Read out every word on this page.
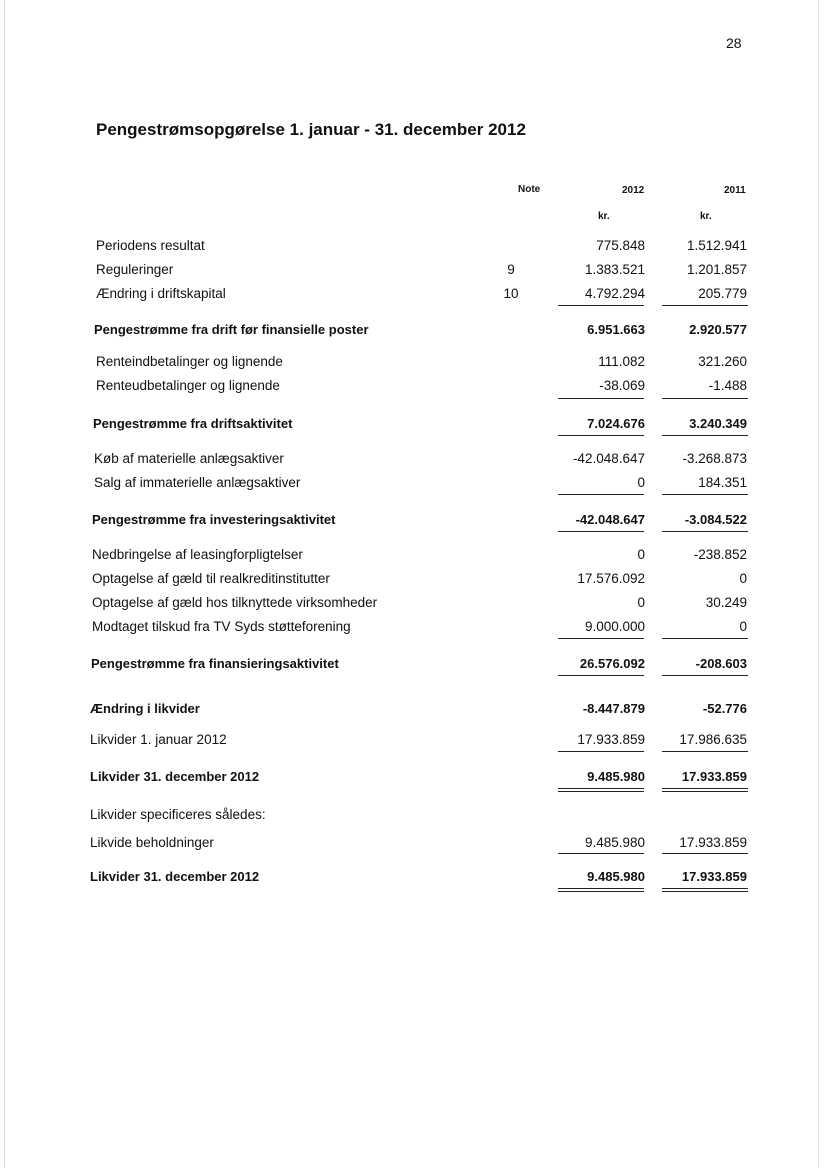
28
Pengestrømsopgørelse 1. januar - 31. december 2012
Note	2012	2011
kr.	kr.
Periodens resultat	775.848	1.512.941
Reguleringer	9	1.383.521	1.201.857
Ændring i driftskapital	10	4.792.294	205.779
Pengestrømme fra drift før finansielle poster	6.951.663	2.920.577
Renteindbetalinger og lignende	111.082	321.260
Renteudbetalinger og lignende	-38.069	-1.488
Pengestrømme fra driftsaktivitet	7.024.676	3.240.349
Køb af materielle anlægsaktiver	-42.048.647	-3.268.873
Salg af immaterielle anlægsaktiver	0	184.351
Pengestrømme fra investeringsaktivitet	-42.048.647	-3.084.522
Nedbringelse af leasingforpligtelser	0	-238.852
Optagelse af gæld til realkreditinstitutter	17.576.092	0
Optagelse af gæld hos tilknyttede virksomheder	0	30.249
Modtaget tilskud fra TV Syds støtteforening	9.000.000	0
Pengestrømme fra finansieringsaktivitet	26.576.092	-208.603
Ændring i likvider	-8.447.879	-52.776
Likvider 1. januar 2012	17.933.859	17.986.635
Likvider 31. december 2012	9.485.980	17.933.859
Likvider specificeres således:
Likvide beholdninger	9.485.980	17.933.859
Likvider 31. december 2012	9.485.980	17.933.859
